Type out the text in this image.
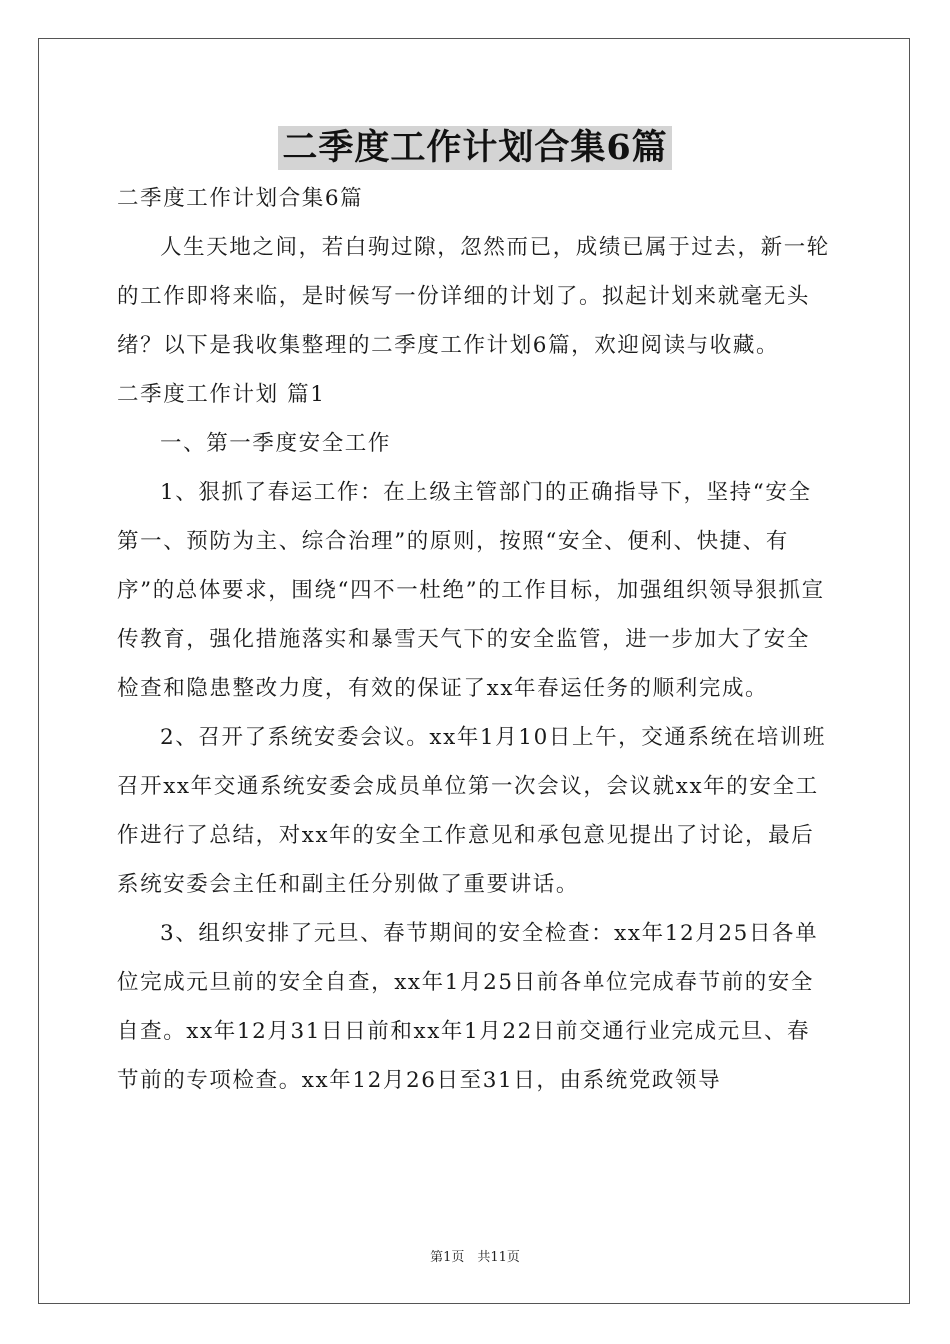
二季度工作计划合集6篇

二季度工作计划合集6篇

人生天地之间，若白驹过隙，忽然而已，成绩已属于过去，新一轮的工作即将来临，是时候写一份详细的计划了。拟起计划来就毫无头绪？以下是我收集整理的二季度工作计划6篇，欢迎阅读与收藏。

二季度工作计划 篇1

一、第一季度安全工作

1、狠抓了春运工作：在上级主管部门的正确指导下，坚持“安全第一、预防为主、综合治理”的原则，按照“安全、便利、快捷、有序”的总体要求，围绕“四不一杜绝”的工作目标，加强组织领导狠抓宣传教育，强化措施落实和暴雪天气下的安全监管，进一步加大了安全检查和隐患整改力度，有效的保证了xx年春运任务的顺利完成。

2、召开了系统安委会议。xx年1月10日上午，交通系统在培训班召开xx年交通系统安委会成员单位第一次会议，会议就xx年的安全工作进行了总结，对xx年的安全工作意见和承包意见提出了讨论，最后系统安委会主任和副主任分别做了重要讲话。

3、组织安排了元旦、春节期间的安全检查：xx年12月25日各单位完成元旦前的安全自查，xx年1月25日前各单位完成春节前的安全自查。xx年12月31日日前和xx年1月22日前交通行业完成元旦、春节前的专项检查。xx年12月26日至31日，由系统党政领导

第1页　共11页
